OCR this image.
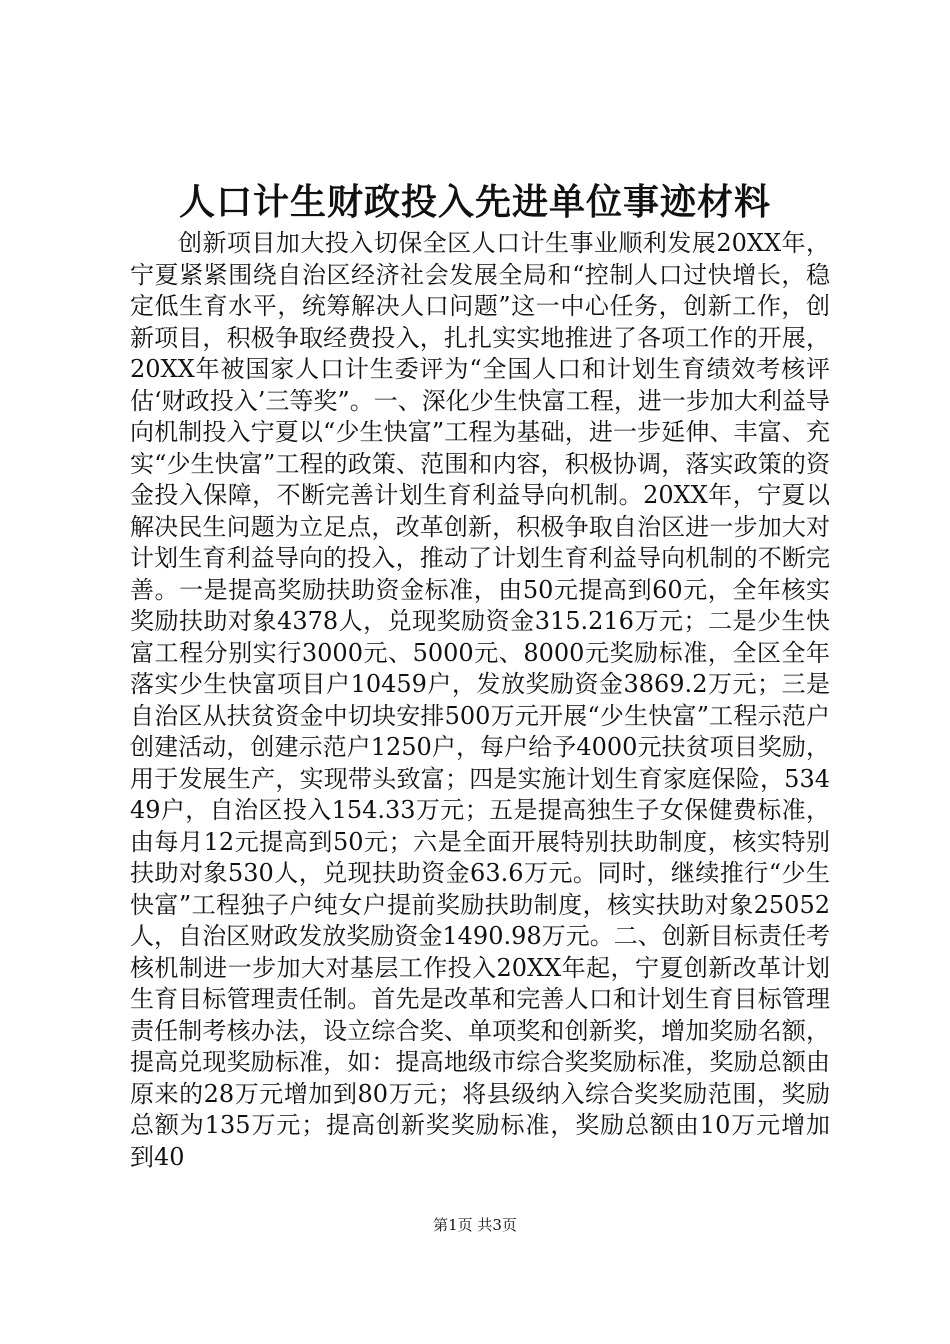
人口计生财政投入先进单位事迹材料

创新项目加大投入切保全区人口计生事业顺利发展20XX年，宁夏紧紧围绕自治区经济社会发展全局和“控制人口过快增长，稳定低生育水平，统筹解决人口问题”这一中心任务，创新工作，创新项目，积极争取经费投入，扎扎实实地推进了各项工作的开展，20XX年被国家人口计生委评为“全国人口和计划生育绩效考核评估‘财政投入’三等奖”。一、深化少生快富工程，进一步加大利益导向机制投入宁夏以“少生快富”工程为基础，进一步延伸、丰富、充实“少生快富”工程的政策、范围和内容，积极协调，落实政策的资金投入保障，不断完善计划生育利益导向机制。20XX年，宁夏以解决民生问题为立足点，改革创新，积极争取自治区进一步加大对计划生育利益导向的投入，推动了计划生育利益导向机制的不断完善。一是提高奖励扶助资金标准，由50元提高到60元，全年核实奖励扶助对象4378人，兑现奖励资金315.216万元；二是少生快富工程分别实行3000元、5000元、8000元奖励标准，全区全年落实少生快富项目户10459户，发放奖励资金3869.2万元；三是自治区从扶贫资金中切块安排500万元开展“少生快富”工程示范户创建活动，创建示范户1250户，每户给予4000元扶贫项目奖励，用于发展生产，实现带头致富；四是实施计划生育家庭保险，53449户，自治区投入154.33万元；五是提高独生子女保健费标准，由每月12元提高到50元；六是全面开展特别扶助制度，核实特别扶助对象530人，兑现扶助资金63.6万元。同时，继续推行“少生快富”工程独子户纯女户提前奖励扶助制度，核实扶助对象25052人，自治区财政发放奖励资金1490.98万元。二、创新目标责任考核机制进一步加大对基层工作投入20XX年起，宁夏创新改革计划生育目标管理责任制。首先是改革和完善人口和计划生育目标管理责任制考核办法，设立综合奖、单项奖和创新奖，增加奖励名额，提高兑现奖励标准，如：提高地级市综合奖奖励标准，奖励总额由原来的28万元增加到80万元；将县级纳入综合奖奖励范围，奖励总额为135万元；提高创新奖奖励标准，奖励总额由10万元增加到40

第1页 共3页
